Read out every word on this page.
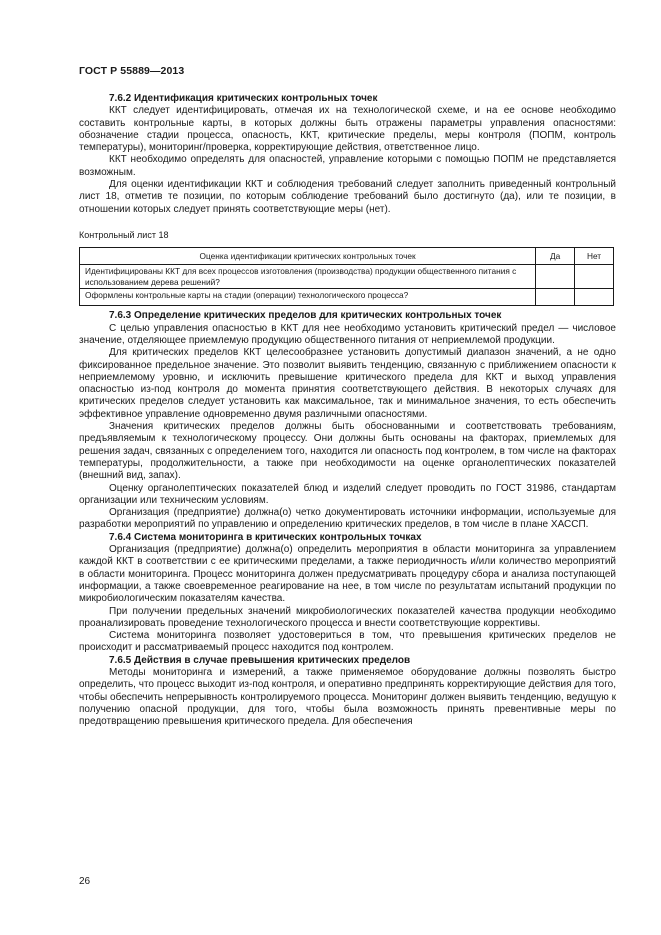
ГОСТ Р 55889—2013
7.6.2 Идентификация критических контрольных точек

ККТ следует идентифицировать, отмечая их на технологической схеме, и на ее основе необходимо составить контрольные карты, в которых должны быть отражены параметры управления опасностями: обозначение стадии процесса, опасность, ККТ, критические пределы, меры контроля (ПОПМ, контроль температуры), мониторинг/проверка, корректирующие действия, ответственное лицо.

ККТ необходимо определять для опасностей, управление которыми с помощью ПОПМ не представляется возможным.

Для оценки идентификации ККТ и соблюдения требований следует заполнить приведенный контрольный лист 18, отметив те позиции, по которым соблюдение требований было достигнуто (да), или те позиции, в отношении которых следует принять соответствующие меры (нет).

Контрольный лист 18
Оценка идентификации критических контрольных точек	Да	Нет
Идентифицированы ККТ для всех процессов изготовления (производства) продукции общественного питания с использованием дерева решений?		
Оформлены контрольные карты на стадии (операции) технологического процесса?		
7.6.3 Определение критических пределов для критических контрольных точек

С целью управления опасностью в ККТ для нее необходимо установить критический предел — числовое значение, отделяющее приемлемую продукцию общественного питания от неприемлемой продукции.

Для критических пределов ККТ целесообразнее установить допустимый диапазон значений, а не одно фиксированное предельное значение. Это позволит выявить тенденцию, связанную с приближением опасности к неприемлемому уровню, и исключить превышение критического предела для ККТ и выход управления опасностью из-под контроля до момента принятия соответствующего действия. В некоторых случаях для критических пределов следует установить как максимальное, так и минимальное значения, то есть обеспечить эффективное управление одновременно двумя различными опасностями.

Значения критических пределов должны быть обоснованными и соответствовать требованиям, предъявляемым к технологическому процессу. Они должны быть основаны на факторах, приемлемых для решения задач, связанных с определением того, находится ли опасность под контролем, в том числе на факторах температуры, продолжительности, а также при необходимости на оценке органолептических показателей (внешний вид, запах).

Оценку органолептических показателей блюд и изделий следует проводить по ГОСТ 31986, стандартам организации или техническим условиям.

Организация (предприятие) должна(о) четко документировать источники информации, используемые для разработки мероприятий по управлению и определению критических пределов, в том числе в плане ХАССП.

7.6.4 Система мониторинга в критических контрольных точках

Организация (предприятие) должна(о) определить мероприятия в области мониторинга за управлением каждой ККТ в соответствии с ее критическими пределами, а также периодичность и/или количество мероприятий в области мониторинга. Процесс мониторинга должен предусматривать процедуру сбора и анализа поступающей информации, а также своевременное реагирование на нее, в том числе по результатам испытаний продукции по микробиологическим показателям качества.

При получении предельных значений микробиологических показателей качества продукции необходимо проанализировать проведение технологического процесса и внести соответствующие коррективы.

Система мониторинга позволяет удостовериться в том, что превышения критических пределов не происходит и рассматриваемый процесс находится под контролем.

7.6.5 Действия в случае превышения критических пределов

Методы мониторинга и измерений, а также применяемое оборудование должны позволять быстро определить, что процесс выходит из-под контроля, и оперативно предпринять корректирующие действия для того, чтобы обеспечить непрерывность контролируемого процесса. Мониторинг должен выявить тенденцию, ведущую к получению опасной продукции, для того, чтобы была возможность принять превентивные меры по предотвращению превышения критического предела. Для обеспечения

26
